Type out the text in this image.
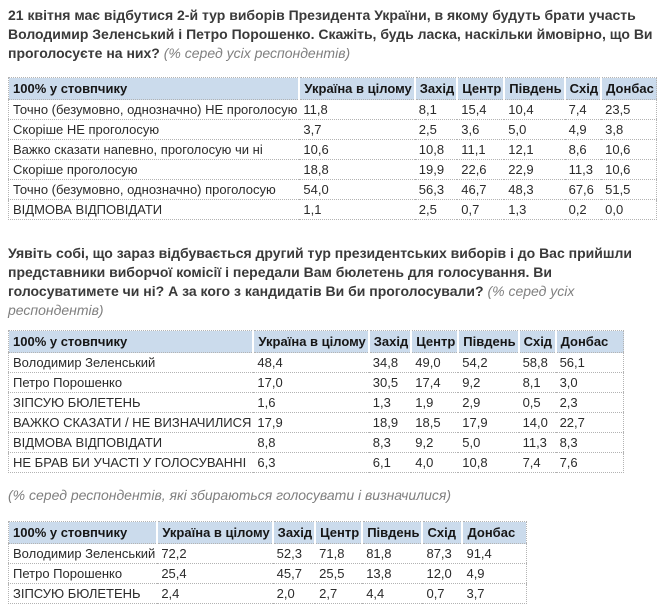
21 квітня має відбутися 2-й тур виборів Президента України, в якому будуть брати участь Володимир Зеленський і Петро Порошенко. Скажіть, будь ласка, наскільки ймовірно, що Ви проголосуєте на них? (% серед усіх респондентів)

100% у стовпчику	Україна в цілому	Захід	Центр	Південь	Схід	Донбас
Точно (безумовно, однозначно) НЕ проголосую	11,8	8,1	15,4	10,4	7,4	23,5
Скоріше НЕ проголосую	3,7	2,5	3,6	5,0	4,9	3,8
Важко сказати напевно, проголосую чи ні	10,6	10,8	11,1	12,1	8,6	10,6
Скоріше проголосую	18,8	19,9	22,6	22,9	11,3	10,6
Точно (безумовно, однозначно) проголосую	54,0	56,3	46,7	48,3	67,6	51,5
ВІДМОВА ВІДПОВІДАТИ	1,1	2,5	0,7	1,3	0,2	0,0

Уявіть собі, що зараз відбувається другий тур президентських виборів і до Вас прийшли представники виборчої комісії і передали Вам бюлетень для голосування. Ви голосуватимете чи ні? А за кого з кандидатів Ви би проголосували? (% серед усіх респондентів)

100% у стовпчику	Україна в цілому	Захід	Центр	Південь	Схід	Донбас
Володимир Зеленський	48,4	34,8	49,0	54,2	58,8	56,1
Петро Порошенко	17,0	30,5	17,4	9,2	8,1	3,0
ЗІПСУЮ БЮЛЕТЕНЬ	1,6	1,3	1,9	2,9	0,5	2,3
ВАЖКО СКАЗАТИ / НЕ ВИЗНАЧИЛИСЯ	17,9	18,9	18,5	17,9	14,0	22,7
ВІДМОВА ВІДПОВІДАТИ	8,8	8,3	9,2	5,0	11,3	8,3
НЕ БРАВ БИ УЧАСТІ У ГОЛОСУВАННІ	6,3	6,1	4,0	10,8	7,4	7,6
(% серед респондентів, які збираються голосувати і визначилися)
100% у стовпчику	Україна в цілому	Захід	Центр	Південь	Схід	Донбас
Володимир Зеленський	72,2	52,3	71,8	81,8	87,3	91,4
Петро Порошенко	25,4	45,7	25,5	13,8	12,0	4,9
ЗІПСУЮ БЮЛЕТЕНЬ	2,4	2,0	2,7	4,4	0,7	3,7
